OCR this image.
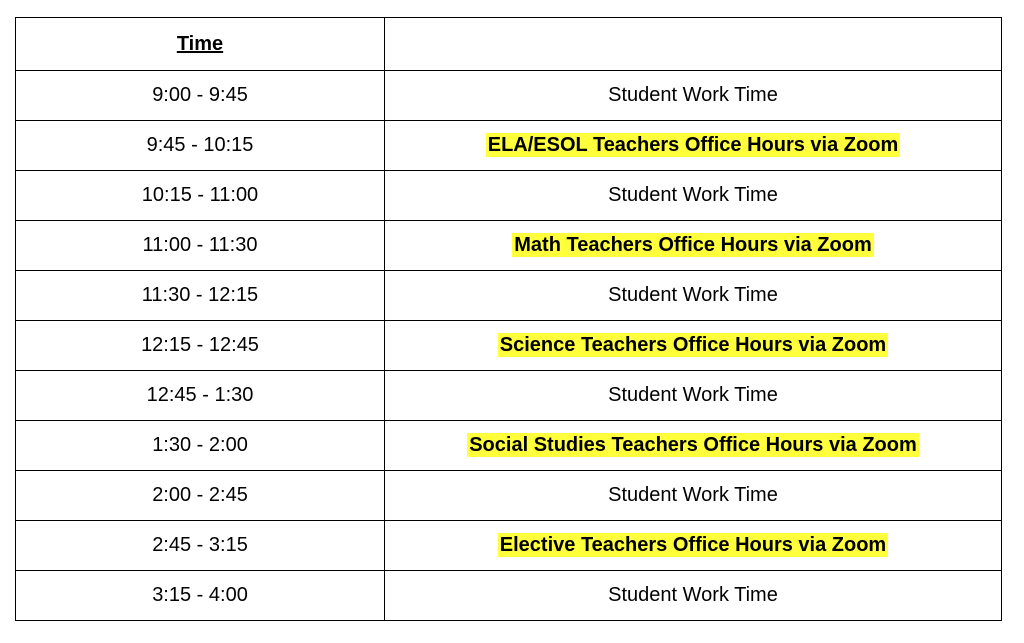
Time	
9:00 - 9:45	Student Work Time
9:45 - 10:15	ELA/ESOL Teachers Office Hours via Zoom
10:15 - 11:00	Student Work Time
11:00 - 11:30	Math Teachers Office Hours via Zoom
11:30 - 12:15	Student Work Time
12:15 - 12:45	Science Teachers Office Hours via Zoom
12:45 - 1:30	Student Work Time
1:30 - 2:00	Social Studies Teachers Office Hours via Zoom
2:00 - 2:45	Student Work Time
2:45 - 3:15	Elective Teachers Office Hours via Zoom
3:15 - 4:00	Student Work Time
